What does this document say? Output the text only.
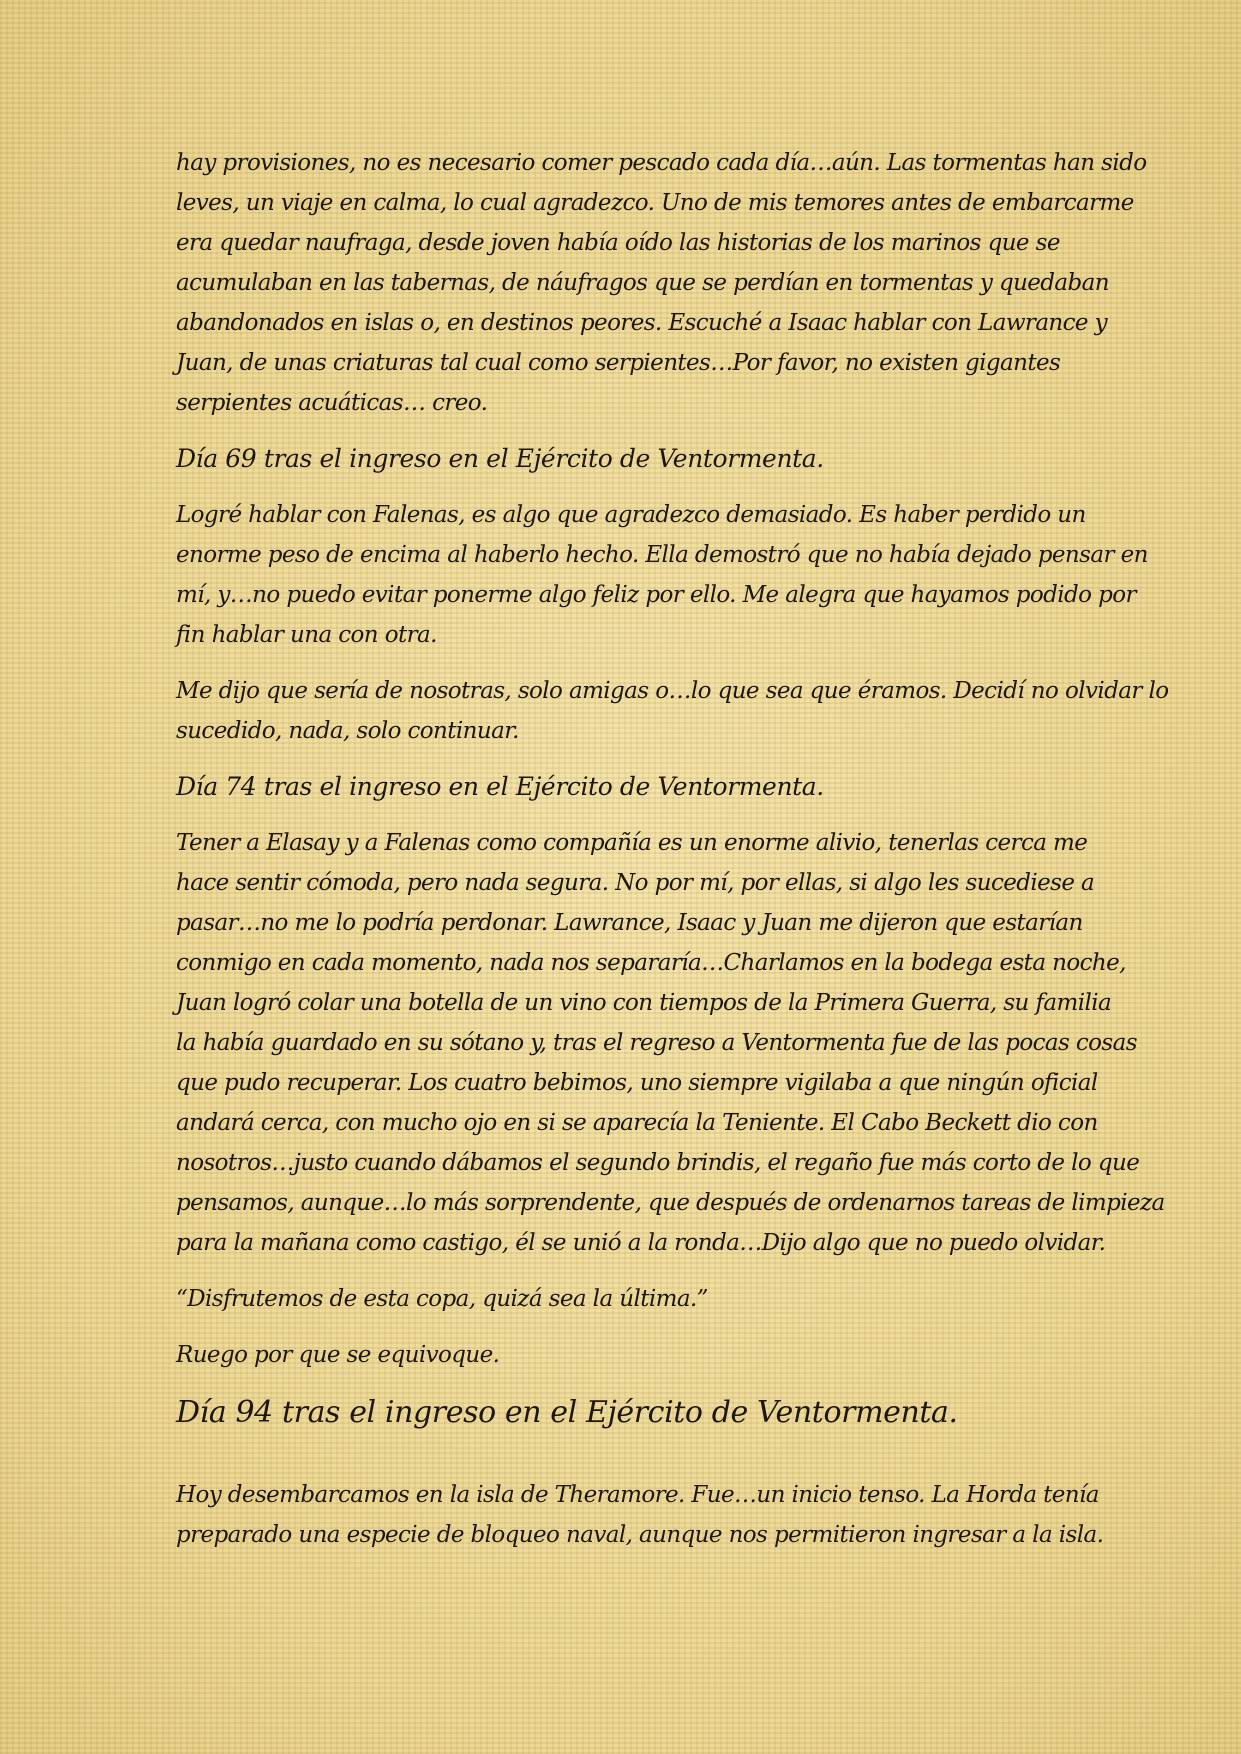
hay provisiones, no es necesario comer pescado cada día…aún. Las tormentas han sido
leves, un viaje en calma, lo cual agradezco. Uno de mis temores antes de embarcarme
era quedar naufraga, desde joven había oído las historias de los marinos que se
acumulaban en las tabernas, de náufragos que se perdían en tormentas y quedaban
abandonados en islas o, en destinos peores. Escuché a Isaac hablar con Lawrance y
Juan, de unas criaturas tal cual como serpientes…Por favor, no existen gigantes
serpientes acuáticas… creo.
Día 69 tras el ingreso en el Ejército de Ventormenta.
Logré hablar con Falenas, es algo que agradezco demasiado. Es haber perdido un
enorme peso de encima al haberlo hecho. Ella demostró que no había dejado pensar en
mí, y…no puedo evitar ponerme algo feliz por ello. Me alegra que hayamos podido por
fin hablar una con otra.
Me dijo que sería de nosotras, solo amigas o…lo que sea que éramos. Decidí no olvidar lo
sucedido, nada, solo continuar.
Día 74 tras el ingreso en el Ejército de Ventormenta.
Tener a Elasay y a Falenas como compañía es un enorme alivio, tenerlas cerca me
hace sentir cómoda, pero nada segura. No por mí, por ellas, si algo les sucediese a
pasar…no me lo podría perdonar. Lawrance, Isaac y Juan me dijeron que estarían
conmigo en cada momento, nada nos separaría…Charlamos en la bodega esta noche,
Juan logró colar una botella de un vino con tiempos de la Primera Guerra, su familia
la había guardado en su sótano y, tras el regreso a Ventormenta fue de las pocas cosas
que pudo recuperar. Los cuatro bebimos, uno siempre vigilaba a que ningún oficial
andará cerca, con mucho ojo en si se aparecía la Teniente. El Cabo Beckett dio con
nosotros…justo cuando dábamos el segundo brindis, el regaño fue más corto de lo que
pensamos, aunque…lo más sorprendente, que después de ordenarnos tareas de limpieza
para la mañana como castigo, él se unió a la ronda…Dijo algo que no puedo olvidar.
“Disfrutemos de esta copa, quizá sea la última.”
Ruego por que se equivoque.
Día 94 tras el ingreso en el Ejército de Ventormenta.
Hoy desembarcamos en la isla de Theramore. Fue…un inicio tenso. La Horda tenía
preparado una especie de bloqueo naval, aunque nos permitieron ingresar a la isla.
